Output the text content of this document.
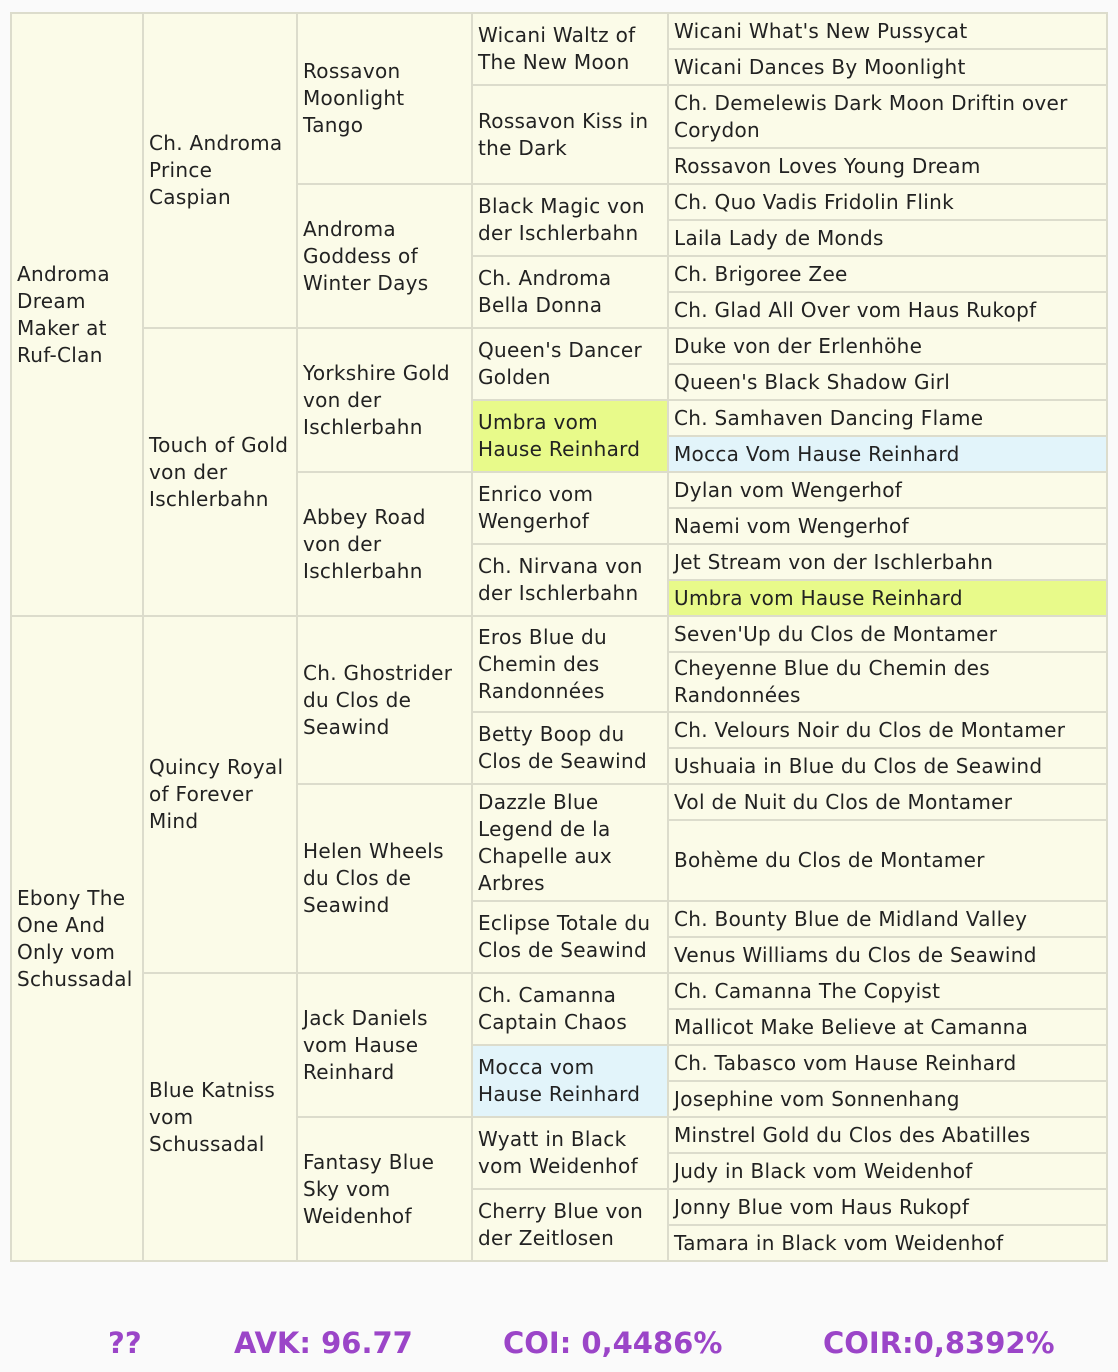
Androma Dream Maker at Ruf-Clan	Ch. Androma Prince Caspian	Rossavon Moonlight Tango	Wicani Waltz of The New Moon	Wicani What's New Pussycat
				Wicani Dances By Moonlight
			Rossavon Kiss in the Dark	Ch. Demelewis Dark Moon Driftin over Corydon
				Rossavon Loves Young Dream
		Androma Goddess of Winter Days	Black Magic von der Ischlerbahn	Ch. Quo Vadis Fridolin Flink
				Laila Lady de Monds
			Ch. Androma Bella Donna	Ch. Brigoree Zee
				Ch. Glad All Over vom Haus Rukopf
	Touch of Gold von der Ischlerbahn	Yorkshire Gold von der Ischlerbahn	Queen's Dancer Golden	Duke von der Erlenhöhe
				Queen's Black Shadow Girl
			Umbra vom Hause Reinhard	Ch. Samhaven Dancing Flame
				Mocca Vom Hause Reinhard
		Abbey Road von der Ischlerbahn	Enrico vom Wengerhof	Dylan vom Wengerhof
				Naemi vom Wengerhof
			Ch. Nirvana von der Ischlerbahn	Jet Stream von der Ischlerbahn
				Umbra vom Hause Reinhard
Ebony The One And Only vom Schussadal	Quincy Royal of Forever Mind	Ch. Ghostrider du Clos de Seawind	Eros Blue du Chemin des Randonnées	Seven'Up du Clos de Montamer
				Cheyenne Blue du Chemin des Randonnées
			Betty Boop du Clos de Seawind	Ch. Velours Noir du Clos de Montamer
				Ushuaia in Blue du Clos de Seawind
		Helen Wheels du Clos de Seawind	Dazzle Blue Legend de la Chapelle aux Arbres	Vol de Nuit du Clos de Montamer
				Bohème du Clos de Montamer
			Eclipse Totale du Clos de Seawind	Ch. Bounty Blue de Midland Valley
				Venus Williams du Clos de Seawind
	Blue Katniss vom Schussadal	Jack Daniels vom Hause Reinhard	Ch. Camanna Captain Chaos	Ch. Camanna The Copyist
				Mallicot Make Believe at Camanna
			Mocca vom Hause Reinhard	Ch. Tabasco vom Hause Reinhard
				Josephine vom Sonnenhang
		Fantasy Blue Sky vom Weidenhof	Wyatt in Black vom Weidenhof	Minstrel Gold du Clos des Abatilles
				Judy in Black vom Weidenhof
			Cherry Blue von der Zeitlosen	Jonny Blue vom Haus Rukopf
				Tamara in Black vom Weidenhof
??	AVK: 96.77	COI: 0,4486%	COIR:0,8392%
